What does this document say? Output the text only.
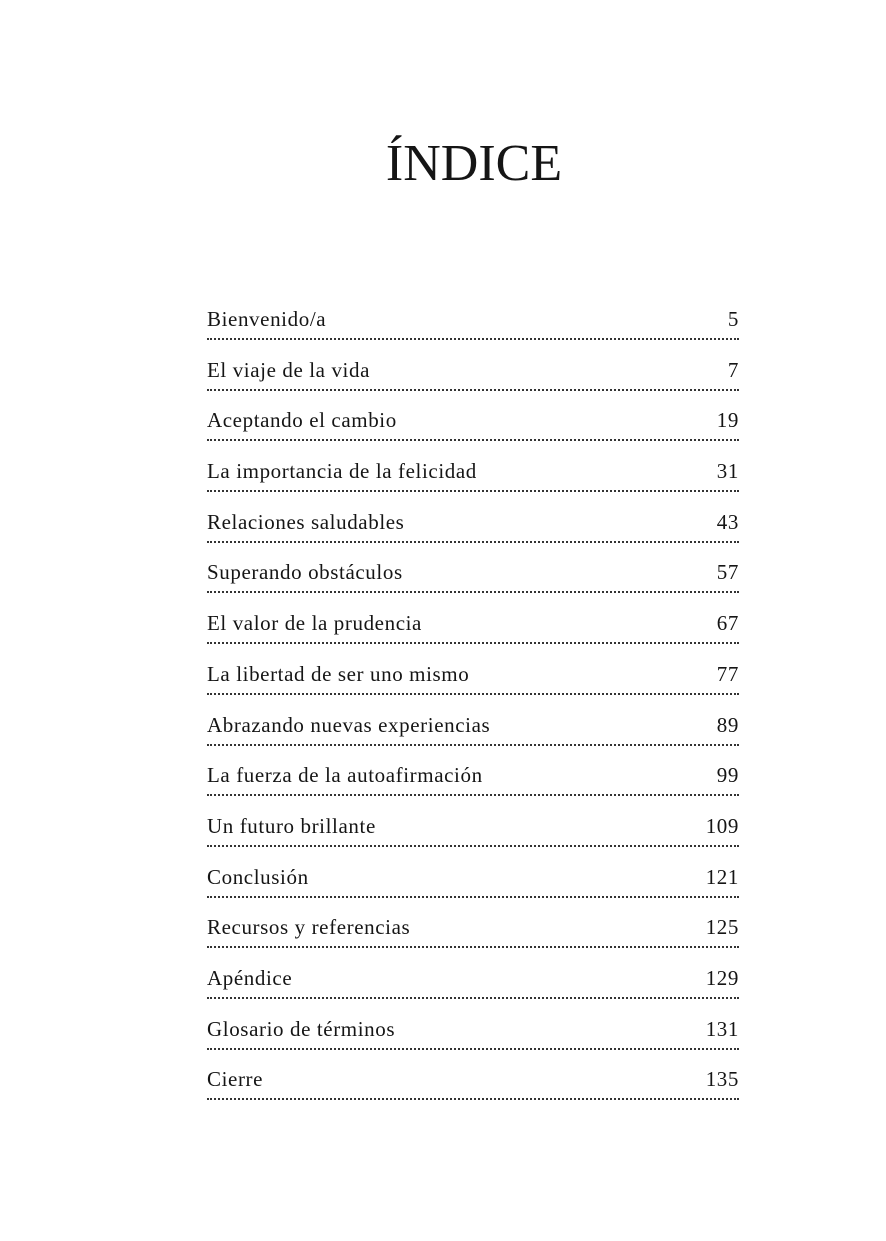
ÍNDICE
Bienvenido/a	5
El viaje de la vida	7
Aceptando el cambio	19
La importancia de la felicidad	31
Relaciones saludables	43
Superando obstáculos	57
El valor de la prudencia	67
La libertad de ser uno mismo	77
Abrazando nuevas experiencias	89
La fuerza de la autoafirmación	99
Un futuro brillante	109
Conclusión	121
Recursos y referencias	125
Apéndice	129
Glosario de términos	131
Cierre	135
